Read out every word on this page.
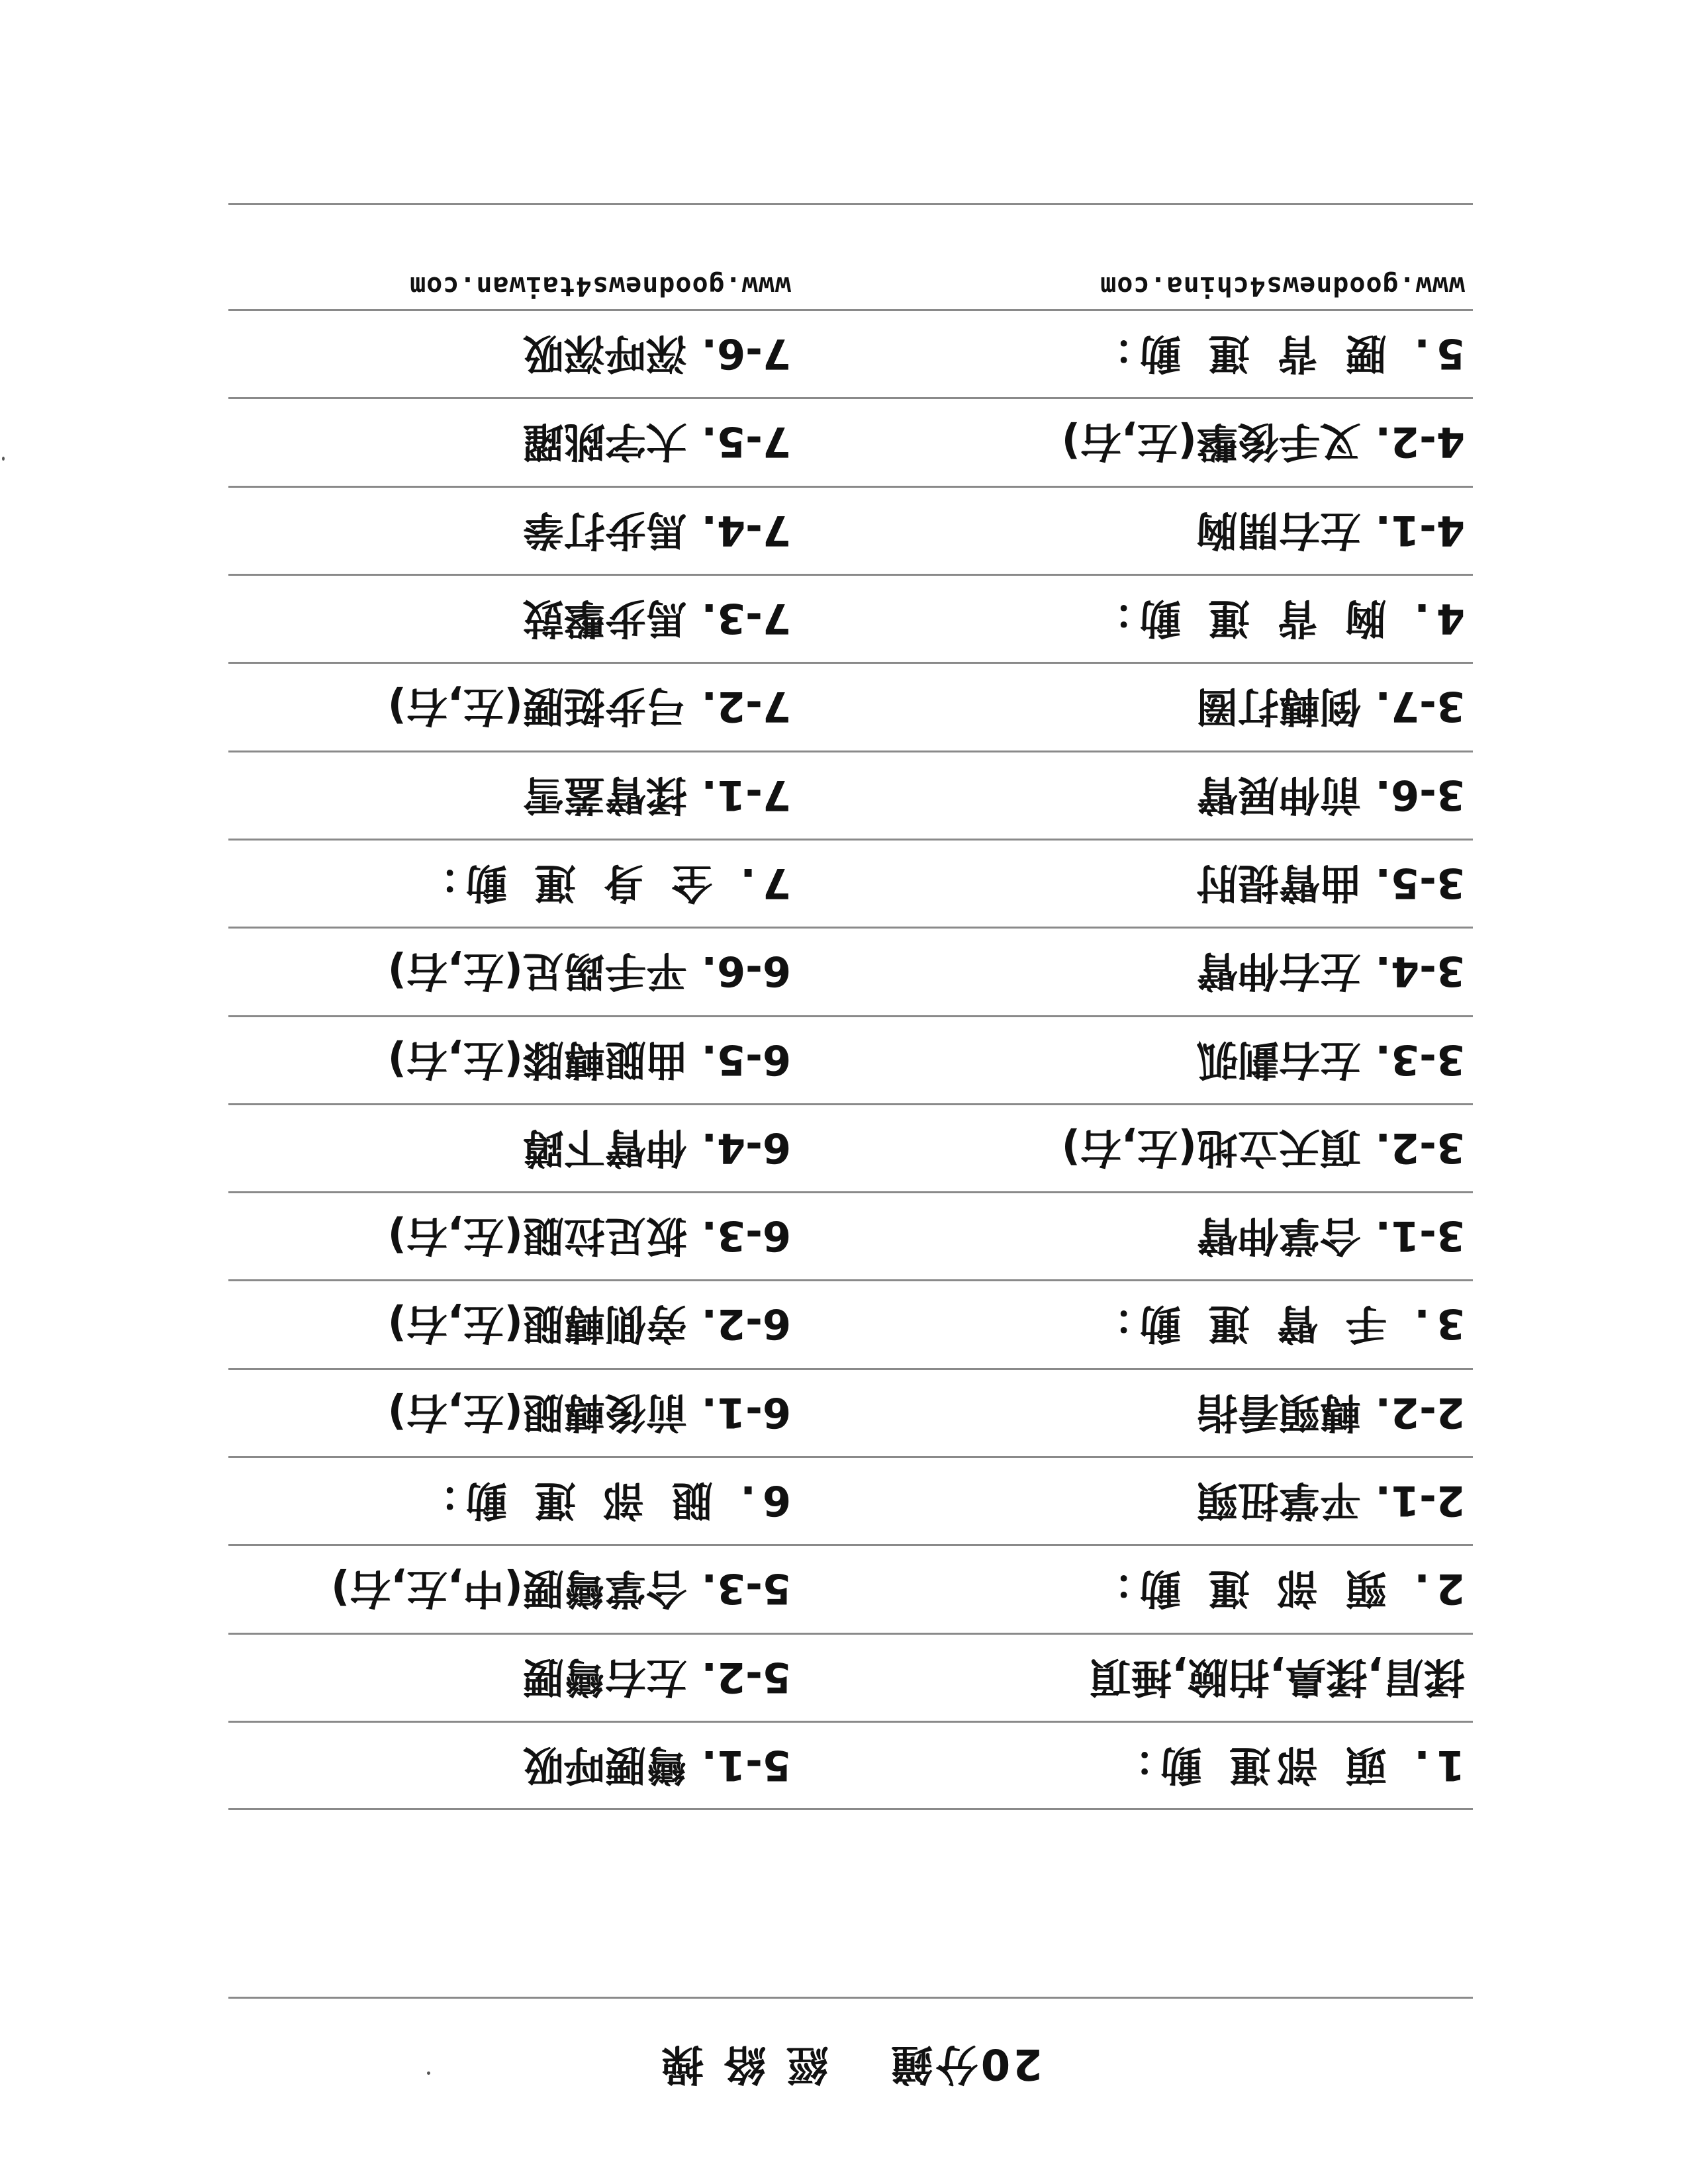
20分鐘經 絡 操
1. 頭 部運 動：
5-1. 彎腰呼吸
揉眉,揉鼻,拍臉,捶頂
5-2. 左右彎腰
2. 頸 部 運 動：
5-3. 合掌彎腰(中,左,右)
2-1. 平掌扭頸
6. 腿 部 運 動：
2-2. 轉頸看指
6-1. 前後轉腿(左,右)
3. 手 臂 運 動：
6-2. 旁側轉腿(左,右)
3-1. 合掌伸臂
6-3. 扳足拉腿(左,右)
3-2. 頂天立地(左,右)
6-4. 伸臂下蹲
3-3. 左右劃弧
6-5. 曲腿轉膝(左,右)
3-4. 左右伸臂
6-6. 平手踢足(左,右)
3-5. 曲臂提肘
7. 全 身 運 動：
3-6. 前伸展臂
7-1. 揉臂蓋雪
3-7. 倒轉打圈
7-2. 弓步挺腰(左,右)
4. 胸 背 運 動：
7-3. 馬步擊鼓
4-1. 左右開胸
7-4. 馬步打拳
4-2. 叉手後擊(左,右)
7-5. 大字跳躍
5. 腰 背 運 動：
7-6. 深呼深吸
www.goodnews4china.com
www.goodnews4taiwan.com
